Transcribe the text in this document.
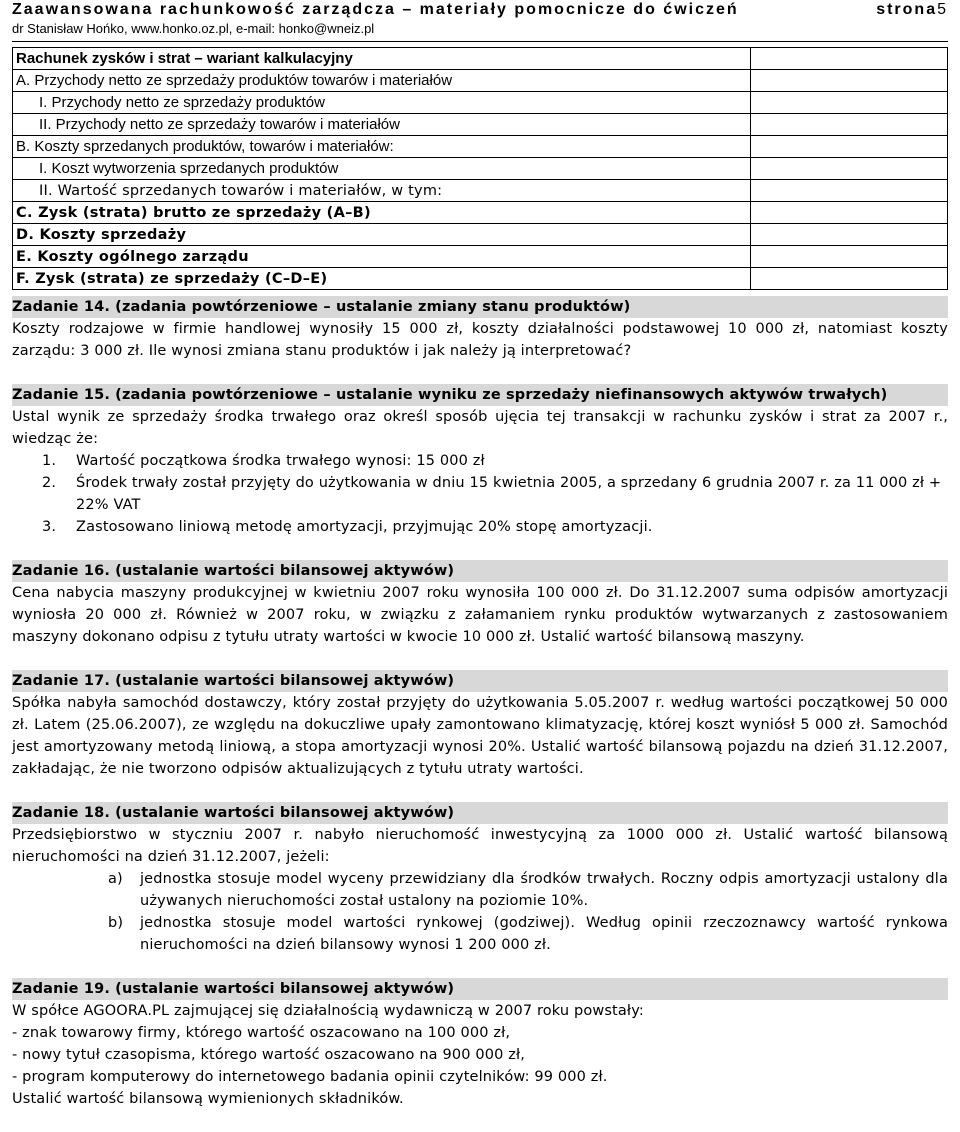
Zaawansowana rachunkowość zarządcza – materiały pomocnicze do ćwiczeń	strona5
dr Stanisław Hońko, www.honko.oz.pl, e-mail: honko@wneiz.pl
Rachunek zysków i strat – wariant kalkulacyjny	
A. Przychody netto ze sprzedaży produktów towarów i materiałów	
I. Przychody netto ze sprzedaży produktów	
II. Przychody netto ze sprzedaży towarów i materiałów	
B. Koszty sprzedanych produktów, towarów i materiałów:	
I. Koszt wytworzenia sprzedanych produktów	
II. Wartość sprzedanych towarów i materiałów, w tym:	
C. Zysk (strata) brutto ze sprzedaży (A–B)	
D. Koszty sprzedaży	
E. Koszty ogólnego zarządu	
F. Zysk (strata) ze sprzedaży (C–D–E)	
Zadanie 14. (zadania powtórzeniowe – ustalanie zmiany stanu produktów)

Koszty rodzajowe w firmie handlowej wynosiły 15 000 zł, koszty działalności podstawowej 10 000 zł, natomiast koszty zarządu: 3 000 zł. Ile wynosi zmiana stanu produktów i jak należy ją interpretować?

Zadanie 15. (zadania powtórzeniowe – ustalanie wyniku ze sprzedaży niefinansowych aktywów trwałych)

Ustal wynik ze sprzedaży środka trwałego oraz określ sposób ujęcia tej transakcji w rachunku zysków i strat za 2007 r., wiedząc że:

1. Wartość początkowa środka trwałego wynosi: 15 000 zł
2. Środek trwały został przyjęty do użytkowania w dniu 15 kwietnia 2005, a sprzedany 6 grudnia 2007 r. za 11 000 zł + 22% VAT
3. Zastosowano liniową metodę amortyzacji, przyjmując 20% stopę amortyzacji.
Zadanie 16. (ustalanie wartości bilansowej aktywów)

Cena nabycia maszyny produkcyjnej w kwietniu 2007 roku wynosiła 100 000 zł. Do 31.12.2007 suma odpisów amortyzacji wyniosła 20 000 zł. Również w 2007 roku, w związku z załamaniem rynku produktów wytwarzanych z zastosowaniem maszyny dokonano odpisu z tytułu utraty wartości w kwocie 10 000 zł. Ustalić wartość bilansową maszyny.

Zadanie 17. (ustalanie wartości bilansowej aktywów)

Spółka nabyła samochód dostawczy, który został przyjęty do użytkowania 5.05.2007 r. według wartości początkowej 50 000 zł. Latem (25.06.2007), ze względu na dokuczliwe upały zamontowano klimatyzację, której koszt wyniósł 5 000 zł. Samochód jest amortyzowany metodą liniową, a stopa amortyzacji wynosi 20%. Ustalić wartość bilansową pojazdu na dzień 31.12.2007, zakładając, że nie tworzono odpisów aktualizujących z tytułu utraty wartości.

Zadanie 18. (ustalanie wartości bilansowej aktywów)

Przedsiębiorstwo w styczniu 2007 r. nabyło nieruchomość inwestycyjną za 1000 000 zł. Ustalić wartość bilansową nieruchomości na dzień 31.12.2007, jeżeli:

a) jednostka stosuje model wyceny przewidziany dla środków trwałych. Roczny odpis amortyzacji ustalony dla używanych nieruchomości został ustalony na poziomie 10%.
b) jednostka stosuje model wartości rynkowej (godziwej). Według opinii rzeczoznawcy wartość rynkowa nieruchomości na dzień bilansowy wynosi 1 200 000 zł.
Zadanie 19. (ustalanie wartości bilansowej aktywów)

W spółce AGOORA.PL zajmującej się działalnością wydawniczą w 2007 roku powstały:

- znak towarowy firmy, którego wartość oszacowano na 100 000 zł,

- nowy tytuł czasopisma, którego wartość oszacowano na 900 000 zł,

- program komputerowy do internetowego badania opinii czytelników: 99 000 zł.

Ustalić wartość bilansową wymienionych składników.
